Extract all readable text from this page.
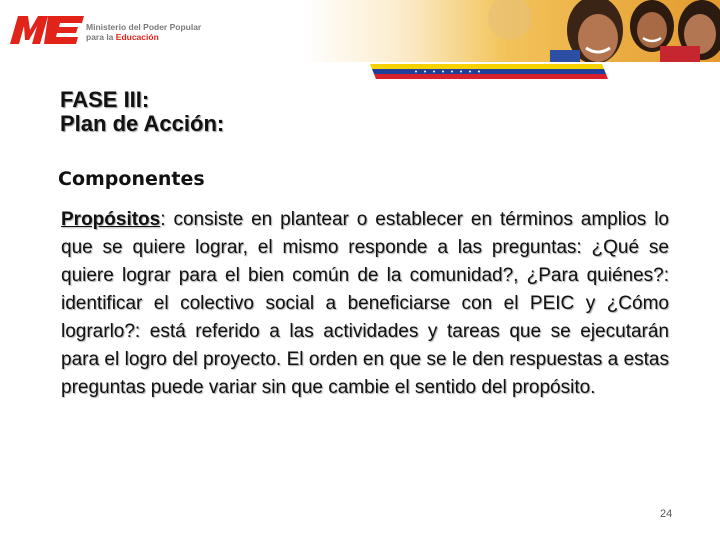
Ministerio del Poder Popular
para la Educación
FASE III:
Plan de Acción:
Componentes

Propósitos: consiste en plantear o establecer en términos amplios lo que se quiere lograr, el mismo responde a las preguntas: ¿Qué se quiere lograr para el bien común de la comunidad?, ¿Para quiénes?: identificar el colectivo social a beneficiarse con el PEIC y ¿Cómo lograrlo?: está referido a las actividades y tareas que se ejecutarán para el logro del proyecto. El orden en que se le den respuestas a estas preguntas puede variar sin que cambie el sentido del propósito.

24
